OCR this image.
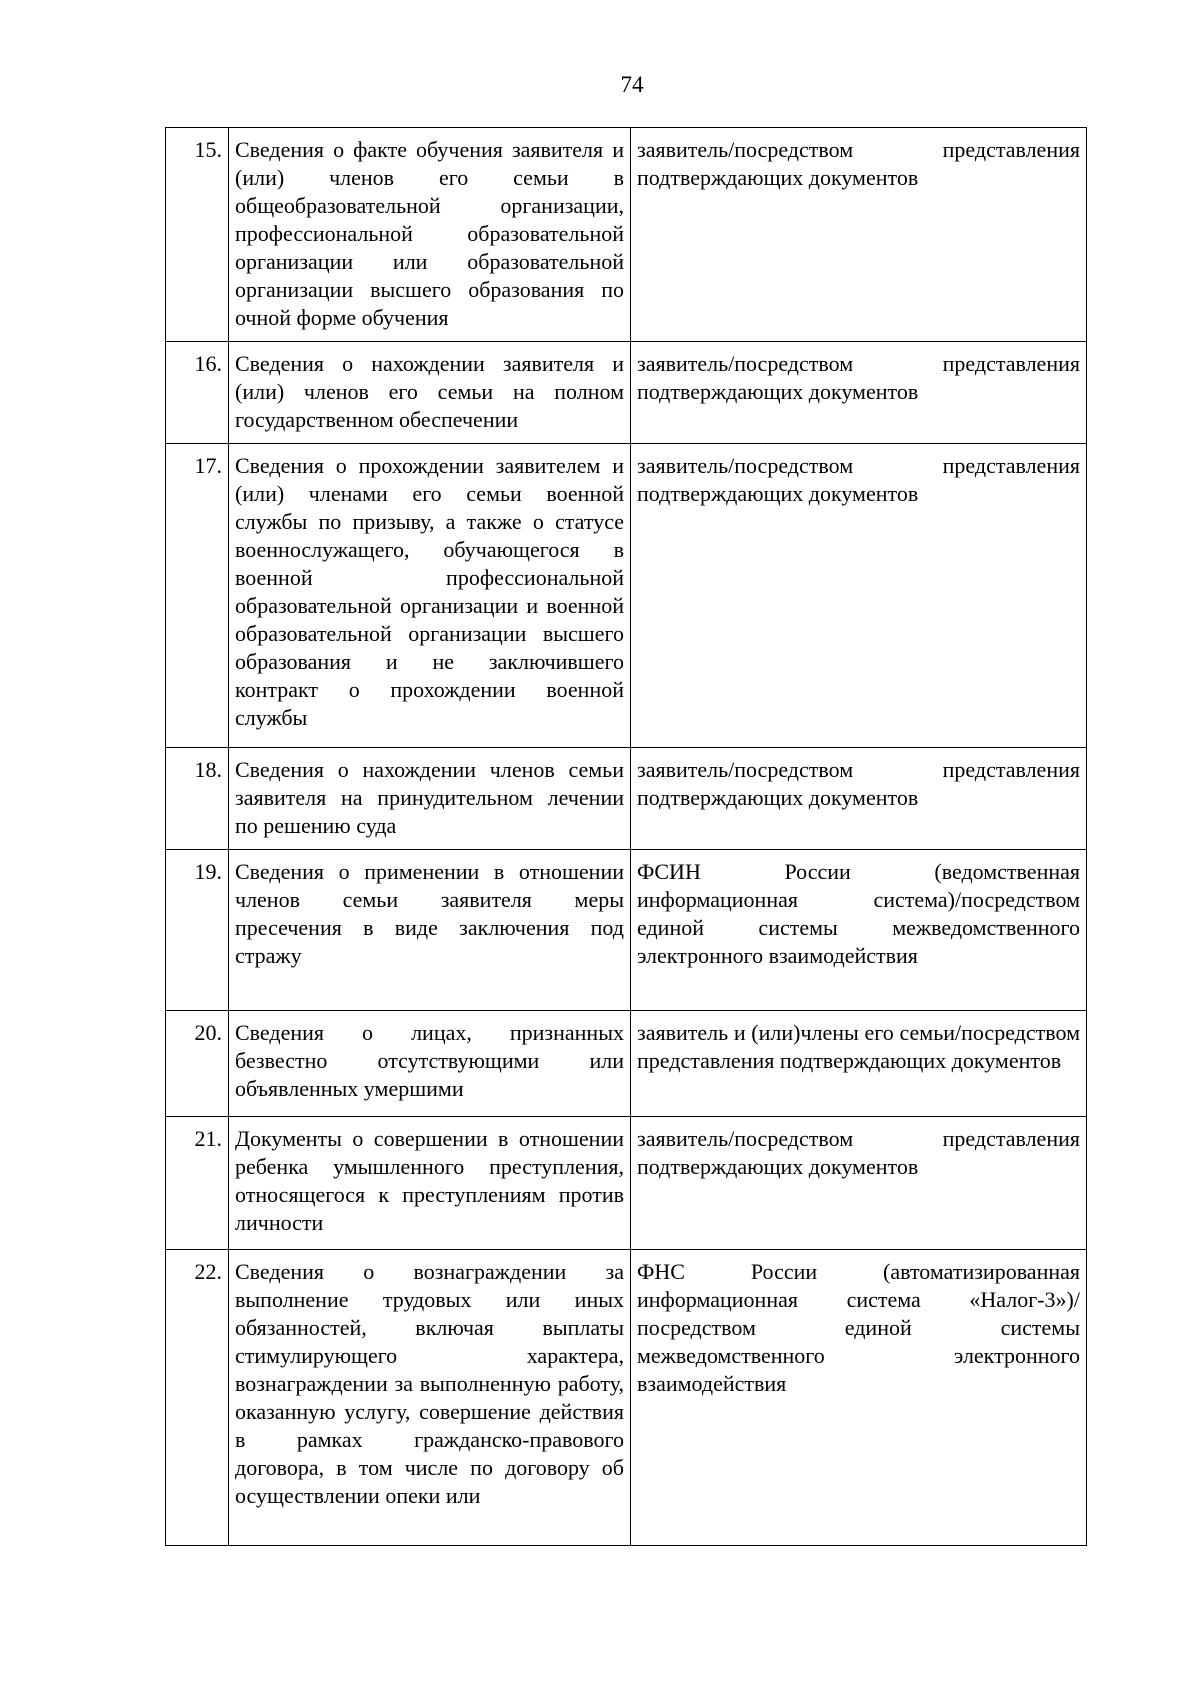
74
15.	Сведения о факте обучения заявителя и (или) членов его семьи в общеобразовательной организации, профессиональной образовательной организации или образовательной организации высшего образования по очной форме обучения	заявитель/посредством представления подтверждающих документов
16.	Сведения о нахождении заявителя и (или) членов его семьи на полном государственном обеспечении	заявитель/посредством представления подтверждающих документов
17.	Сведения о прохождении заявителем и (или) членами его семьи военной службы по призыву, а также о статусе военнослужащего, обучающегося в военной профессиональной образовательной организации и военной образовательной организации высшего образования и не заключившего контракт о прохождении военной службы	заявитель/посредством представления подтверждающих документов
18.	Сведения о нахождении членов семьи заявителя на принудительном лечении по решению суда	заявитель/посредством представления подтверждающих документов
19.	Сведения о применении в отношении членов семьи заявителя меры пресечения в виде заключения под стражу	ФСИН России (ведомственная информационная система)/посредством единой системы межведомственного электронного взаимодействия
20.	Сведения о лицах, признанных безвестно отсутствующими или объявленных умершими	заявитель и (или)члены его семьи/посредством представления подтверждающих документов
21.	Документы о совершении в отношении ребенка умышленного преступления, относящегося к преступлениям против личности	заявитель/посредством представления подтверждающих документов
22.	Сведения о вознаграждении за выполнение трудовых или иных обязанностей, включая выплаты стимулирующего характера, вознаграждении за выполненную работу, оказанную услугу, совершение действия в рамках гражданско-правового договора, в том числе по договору об осуществлении опеки или	ФНС России (автоматизированная информационная система «Налог-3»)/посредством единой системы межведомственного электронного взаимодействия
